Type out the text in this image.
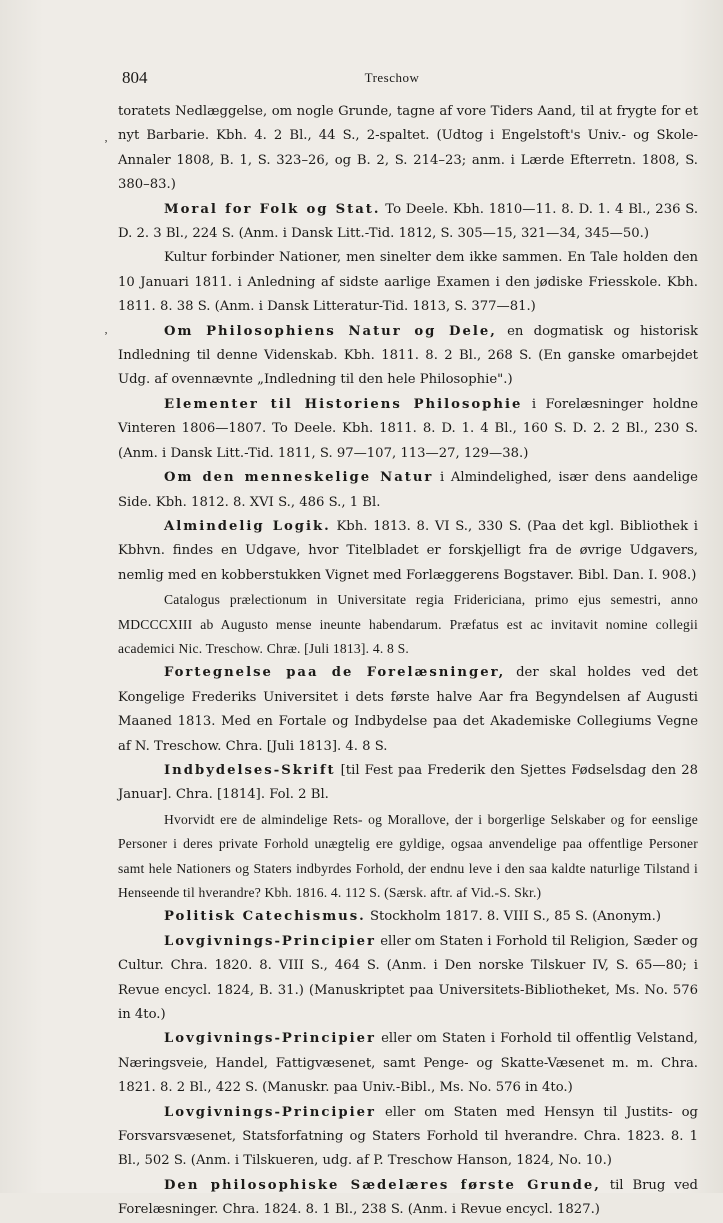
804	Treschow
‚
‚

toratets Nedlæggelse, om nogle Grunde, tagne af vore Tiders Aand, til at frygte for et nyt Barbarie. Kbh. 4. 2 Bl., 44 S., 2-spaltet. (Udtog i Engelstoft's Univ.- og Skole-Annaler 1808, B. 1, S. 323–26, og B. 2, S. 214–23; anm. i Lærde Efterretn. 1808, S. 380–83.)

Moral for Folk og Stat. To Deele. Kbh. 1810—11. 8. D. 1. 4 Bl., 236 S. D. 2. 3 Bl., 224 S. (Anm. i Dansk Litt.-Tid. 1812, S. 305—15, 321—34, 345—50.)

Kultur forbinder Nationer, men sinelter dem ikke sammen. En Tale holden den 10 Januari 1811. i Anledning af sidste aarlige Examen i den jødiske Friesskole. Kbh. 1811. 8. 38 S. (Anm. i Dansk Litteratur-Tid. 1813, S. 377—81.)

Om Philosophiens Natur og Dele, en dogmatisk og historisk Indledning til denne Videnskab. Kbh. 1811. 8. 2 Bl., 268 S. (En ganske omarbejdet Udg. af ovennævnte „Indledning til den hele Philosophie".)

Elementer til Historiens Philosophie i Forelæsninger holdne Vinteren 1806—1807. To Deele. Kbh. 1811. 8. D. 1. 4 Bl., 160 S. D. 2. 2 Bl., 230 S. (Anm. i Dansk Litt.-Tid. 1811, S. 97—107, 113—27, 129—38.)

Om den menneskelige Natur i Almindelighed, især dens aandelige Side. Kbh. 1812. 8. XVI S., 486 S., 1 Bl.

Almindelig Logik. Kbh. 1813. 8. VI S., 330 S. (Paa det kgl. Bibliothek i Kbhvn. findes en Udgave, hvor Titelbladet er forskjelligt fra de øvrige Udgavers, nemlig med en kobberstukken Vignet med Forlæggerens Bogstaver. Bibl. Dan. I. 908.)

Catalogus prælectionum in Universitate regia Fridericiana, primo ejus semestri, anno MDCCCXIII ab Augusto mense ineunte habendarum. Præfatus est ac invitavit nomine collegii academici Nic. Treschow. Chræ. [Juli 1813]. 4. 8 S.

Fortegnelse paa de Forelæsninger, der skal holdes ved det Kongelige Frederiks Universitet i dets første halve Aar fra Begyndelsen af Augusti Maaned 1813. Med en Fortale og Indbydelse paa det Akademiske Collegiums Vegne af N. Treschow. Chra. [Juli 1813]. 4. 8 S.

Indbydelses-Skrift [til Fest paa Frederik den Sjettes Fødselsdag den 28 Januar]. Chra. [1814]. Fol. 2 Bl.

Hvorvidt ere de almindelige Rets- og Morallove, der i borgerlige Selskaber og for eenslige Personer i deres private Forhold unægtelig ere gyldige, ogsaa anvendelige paa offentlige Personer samt hele Nationers og Staters indbyrdes Forhold, der endnu leve i den saa kaldte naturlige Tilstand i Henseende til hverandre? Kbh. 1816. 4. 112 S. (Særsk. aftr. af Vid.-S. Skr.)

Politisk Catechismus. Stockholm 1817. 8. VIII S., 85 S. (Anonym.)

Lovgivnings-Principier eller om Staten i Forhold til Religion, Sæder og Cultur. Chra. 1820. 8. VIII S., 464 S. (Anm. i Den norske Tilskuer IV, S. 65—80; i Revue encycl. 1824, B. 31.) (Manuskriptet paa Universitets-Bibliotheket, Ms. No. 576 in 4to.)

Lovgivnings-Principier eller om Staten i Forhold til offentlig Velstand, Næringsveie, Handel, Fattigvæsenet, samt Penge- og Skatte-Væsenet m. m. Chra. 1821. 8. 2 Bl., 422 S. (Manuskr. paa Univ.-Bibl., Ms. No. 576 in 4to.)

Lovgivnings-Principier eller om Staten med Hensyn til Justits- og Forsvarsvæsenet, Statsforfatning og Staters Forhold til hverandre. Chra. 1823. 8. 1 Bl., 502 S. (Anm. i Tilskueren, udg. af P. Treschow Hanson, 1824, No. 10.)

Den philosophiske Sædelæres første Grunde, til Brug ved Forelæsninger. Chra. 1824. 8. 1 Bl., 238 S. (Anm. i Revue encycl. 1827.)
